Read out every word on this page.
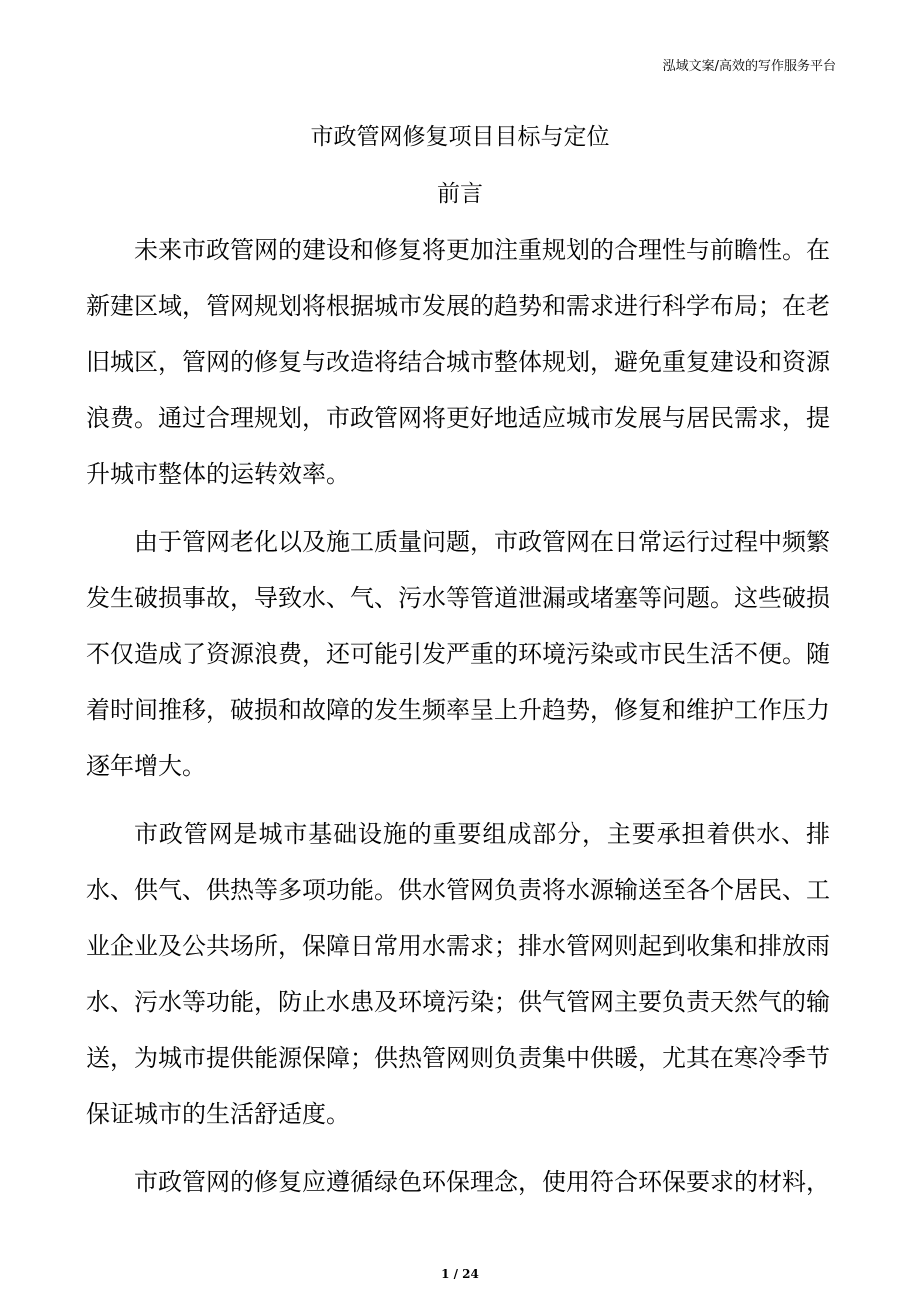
泓域文案/高效的写作服务平台
市政管网修复项目目标与定位
前言

未来市政管网的建设和修复将更加注重规划的合理性与前瞻性。在新建区域，管网规划将根据城市发展的趋势和需求进行科学布局；在老旧城区，管网的修复与改造将结合城市整体规划，避免重复建设和资源浪费。通过合理规划，市政管网将更好地适应城市发展与居民需求，提升城市整体的运转效率。

由于管网老化以及施工质量问题，市政管网在日常运行过程中频繁发生破损事故，导致水、气、污水等管道泄漏或堵塞等问题。这些破损不仅造成了资源浪费，还可能引发严重的环境污染或市民生活不便。随着时间推移，破损和故障的发生频率呈上升趋势，修复和维护工作压力逐年增大。

市政管网是城市基础设施的重要组成部分，主要承担着供水、排水、供气、供热等多项功能。供水管网负责将水源输送至各个居民、工业企业及公共场所，保障日常用水需求；排水管网则起到收集和排放雨水、污水等功能，防止水患及环境污染；供气管网主要负责天然气的输送，为城市提供能源保障；供热管网则负责集中供暖，尤其在寒冷季节保证城市的生活舒适度。

市政管网的修复应遵循绿色环保理念，使用符合环保要求的材料，

1 / 24
